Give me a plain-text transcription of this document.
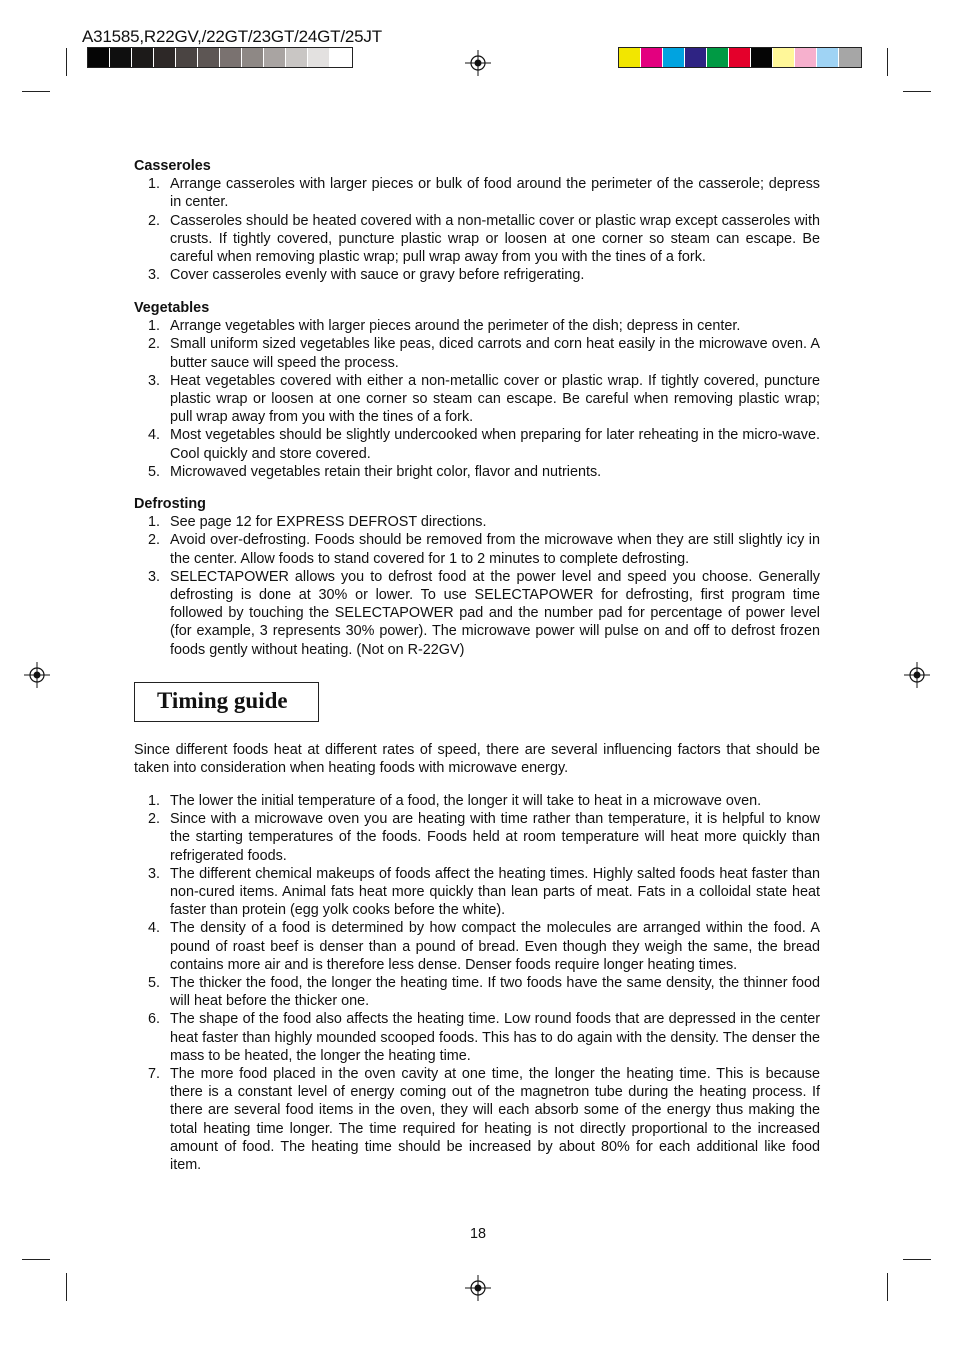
A31585,R22GV,/22GT/23GT/24GT/25JT

Casseroles

1. Arrange casseroles with larger pieces or bulk of food around the perimeter of the casserole; depress in center.
2. Casseroles should be heated covered with a non-metallic cover or plastic wrap except casseroles with crusts. If tightly covered, puncture plastic wrap or loosen at one corner so steam can escape. Be careful when removing plastic wrap; pull wrap away from you with the tines of a fork.
3. Cover casseroles evenly with sauce or gravy before refrigerating.

Vegetables

1. Arrange vegetables with larger pieces around the perimeter of the dish; depress in center.
2. Small uniform sized vegetables like peas, diced carrots and corn heat easily in the microwave oven. A butter sauce will speed the process.
3. Heat vegetables covered with either a non-metallic cover or plastic wrap. If tightly covered, puncture plastic wrap or loosen at one corner so steam can escape. Be careful when removing plastic wrap; pull wrap away from you with the tines of a fork.
4. Most vegetables should be slightly undercooked when preparing for later reheating in the micro-wave. Cool quickly and store covered.
5. Microwaved vegetables retain their bright color, flavor and nutrients.

Defrosting

1. See page 12 for EXPRESS DEFROST directions.
2. Avoid over-defrosting. Foods should be removed from the microwave when they are still slightly icy in the center. Allow foods to stand covered for 1 to 2 minutes to complete defrosting.
3. SELECTAPOWER allows you to defrost food at the power level and speed you choose. Generally defrosting is done at 30% or lower. To use SELECTAPOWER for defrosting, first program time followed by touching the SELECTAPOWER pad and the number pad for percentage of power level (for example, 3 represents 30% power). The microwave power will pulse on and off to defrost frozen foods gently without heating. (Not on R-22GV)
Timing guide

Since different foods heat at different rates of speed, there are several influencing factors that should be taken into consideration when heating foods with microwave energy.

1. The lower the initial temperature of a food, the longer it will take to heat in a microwave oven.
2. Since with a microwave oven you are heating with time rather than temperature, it is helpful to know the starting temperatures of the foods. Foods held at room temperature will heat more quickly than refrigerated foods.
3. The different chemical makeups of foods affect the heating times. Highly salted foods heat faster than non-cured items. Animal fats heat more quickly than lean parts of meat. Fats in a colloidal state heat faster than protein (egg yolk cooks before the white).
4. The density of a food is determined by how compact the molecules are arranged within the food. A pound of roast beef is denser than a pound of bread. Even though they weigh the same, the bread contains more air and is therefore less dense. Denser foods require longer heating times.
5. The thicker the food, the longer the heating time. If two foods have the same density, the thinner food will heat before the thicker one.
6. The shape of the food also affects the heating time. Low round foods that are depressed in the center heat faster than highly mounded scooped foods. This has to do again with the density. The denser the mass to be heated, the longer the heating time.
7. The more food placed in the oven cavity at one time, the longer the heating time. This is because there is a constant level of energy coming out of the magnetron tube during the heating process. If there are several food items in the oven, they will each absorb some of the energy thus making the total heating time longer. The time required for heating is not directly proportional to the increased amount of food. The heating time should be increased by about 80% for each additional like food item.
18
